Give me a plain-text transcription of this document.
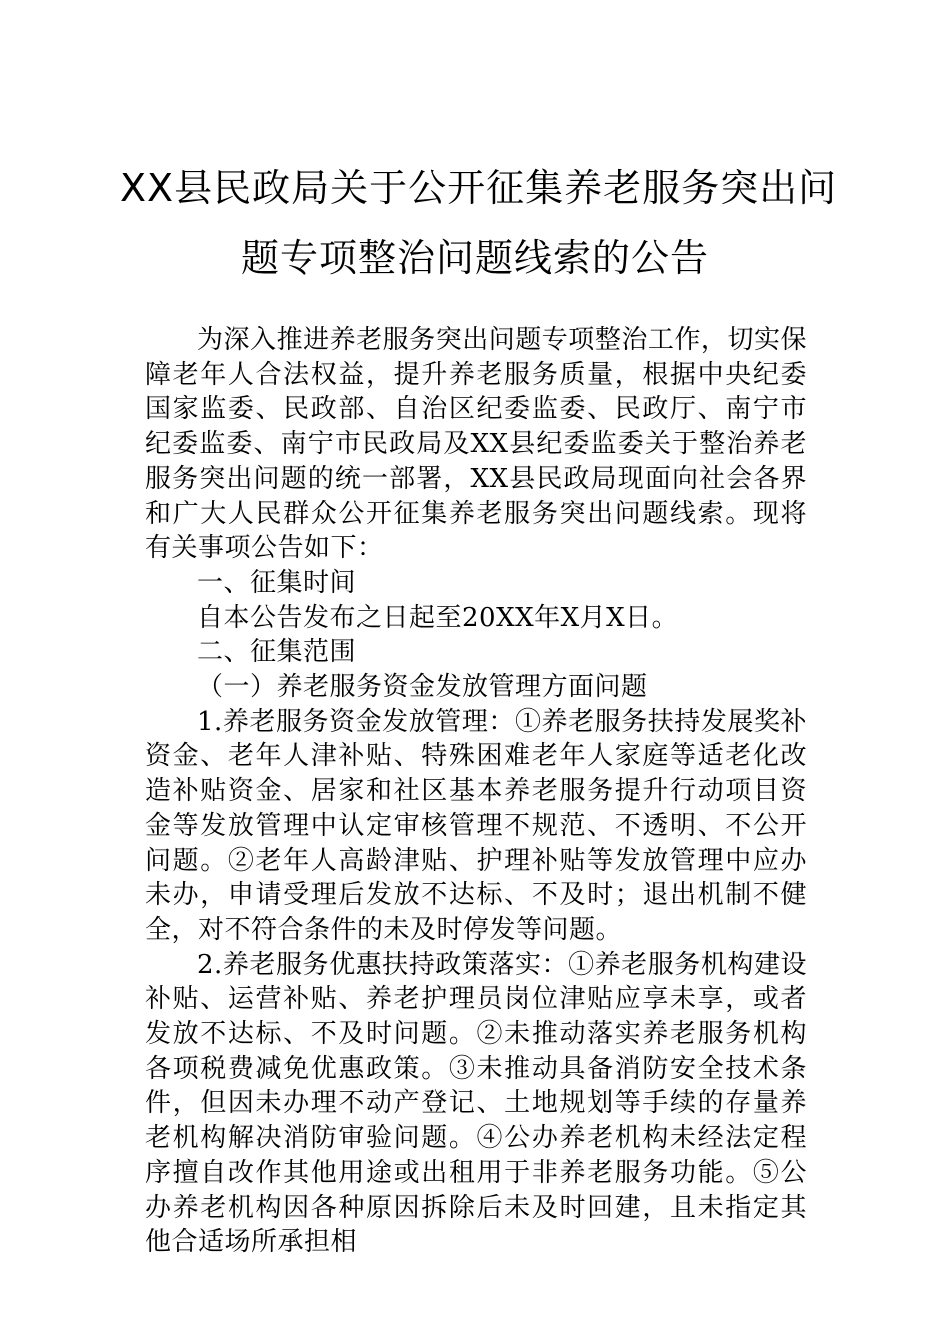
XX县民政局关于公开征集养老服务突出问
题专项整治问题线索的公告

为深入推进养老服务突出问题专项整治工作，切实保障老年人合法权益，提升养老服务质量，根据中央纪委国家监委、民政部、自治区纪委监委、民政厅、南宁市纪委监委、南宁市民政局及XX县纪委监委关于整治养老服务突出问题的统一部署，XX县民政局现面向社会各界和广大人民群众公开征集养老服务突出问题线索。现将有关事项公告如下：

一、征集时间

自本公告发布之日起至20XX年X月X日。

二、征集范围

（一）养老服务资金发放管理方面问题

1.养老服务资金发放管理：①养老服务扶持发展奖补资金、老年人津补贴、特殊困难老年人家庭等适老化改造补贴资金、居家和社区基本养老服务提升行动项目资金等发放管理中认定审核管理不规范、不透明、不公开问题。②老年人高龄津贴、护理补贴等发放管理中应办未办，申请受理后发放不达标、不及时；退出机制不健全，对不符合条件的未及时停发等问题。

2.养老服务优惠扶持政策落实：①养老服务机构建设补贴、运营补贴、养老护理员岗位津贴应享未享，或者发放不达标、不及时问题。②未推动落实养老服务机构各项税费减免优惠政策。③未推动具备消防安全技术条件，但因未办理不动产登记、土地规划等手续的存量养老机构解决消防审验问题。④公办养老机构未经法定程序擅自改作其他用途或出租用于非养老服务功能。⑤公办养老机构因各种原因拆除后未及时回建，且未指定其他合适场所承担相
